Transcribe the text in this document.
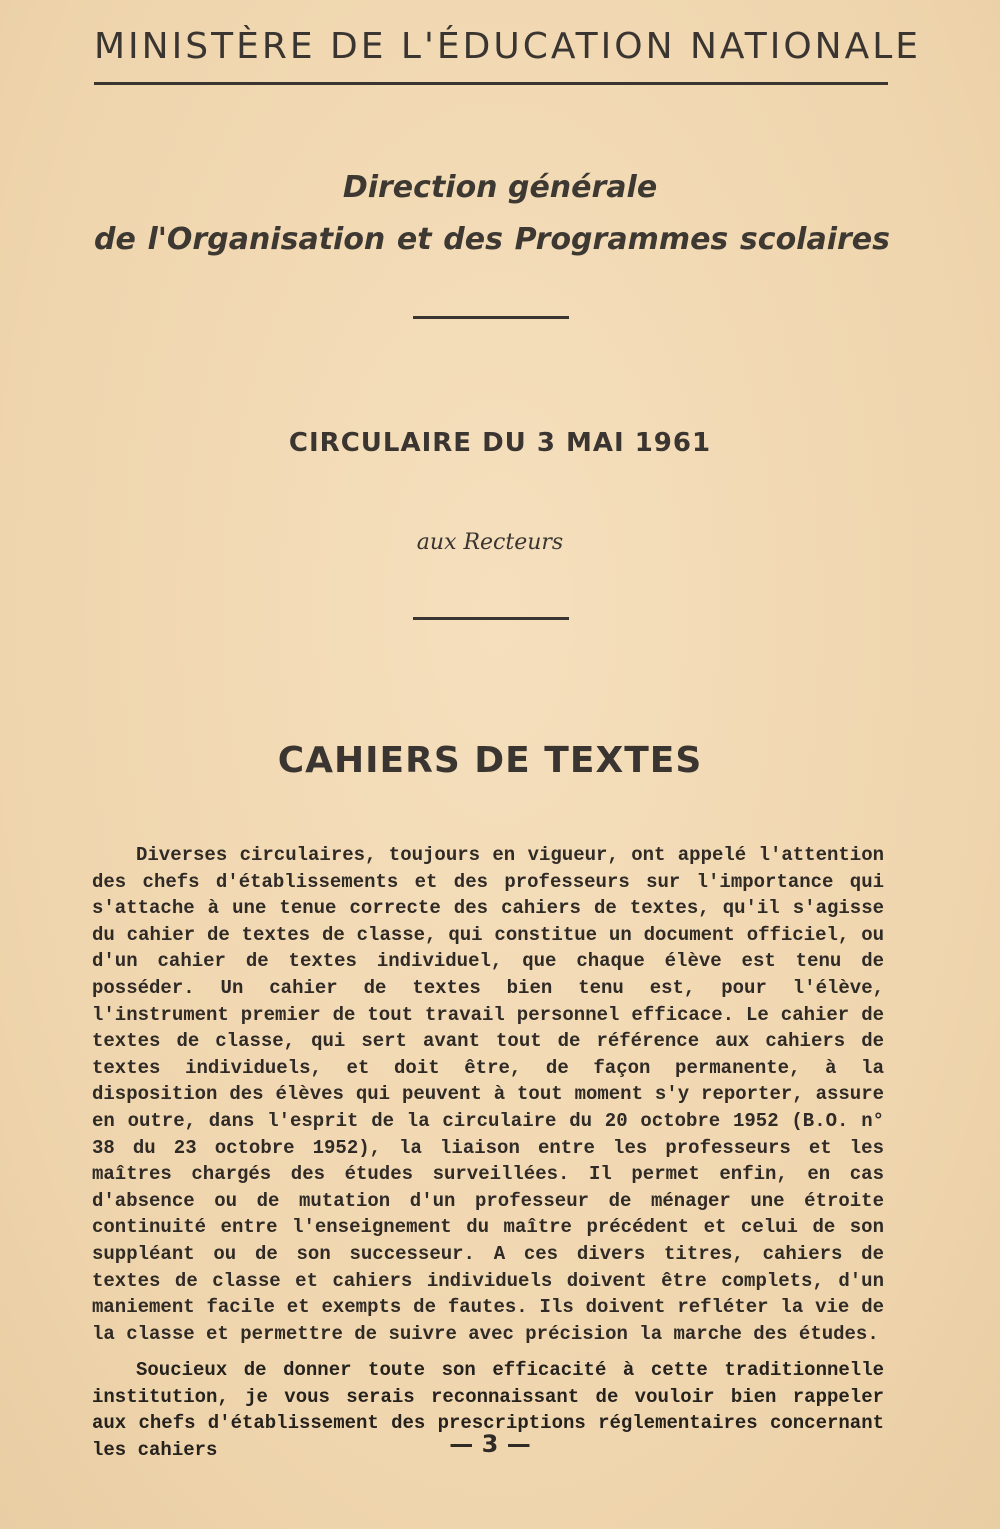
MINISTÈRE DE L'ÉDUCATION NATIONALE
Direction générale
de l'Organisation et des Programmes scolaires
CIRCULAIRE DU 3 MAI 1961
aux Recteurs
CAHIERS DE TEXTES

Diverses circulaires, toujours en vigueur, ont appelé l'attention des chefs d'établissements et des professeurs sur l'importance qui s'attache à une tenue correcte des cahiers de textes, qu'il s'agisse du cahier de textes de classe, qui constitue un document officiel, ou d'un cahier de textes individuel, que chaque élève est tenu de posséder. Un cahier de textes bien tenu est, pour l'élève, l'instrument premier de tout travail personnel efficace. Le cahier de textes de classe, qui sert avant tout de référence aux cahiers de textes individuels, et doit être, de façon permanente, à la disposition des élèves qui peuvent à tout moment s'y reporter, assure en outre, dans l'esprit de la circulaire du 20 octobre 1952 (B.O. n° 38 du 23 octobre 1952), la liaison entre les professeurs et les maîtres chargés des études surveillées. Il permet enfin, en cas d'absence ou de mutation d'un professeur de ménager une étroite continuité entre l'enseignement du maître précédent et celui de son suppléant ou de son successeur. A ces divers titres, cahiers de textes de classe et cahiers individuels doivent être complets, d'un maniement facile et exempts de fautes. Ils doivent refléter la vie de la classe et permettre de suivre avec précision la marche des études.

Soucieux de donner toute son efficacité à cette traditionnelle institution, je vous serais reconnaissant de vouloir bien rappeler aux chefs d'établissement des prescriptions réglementaires concernant les cahiers	— 3 —
